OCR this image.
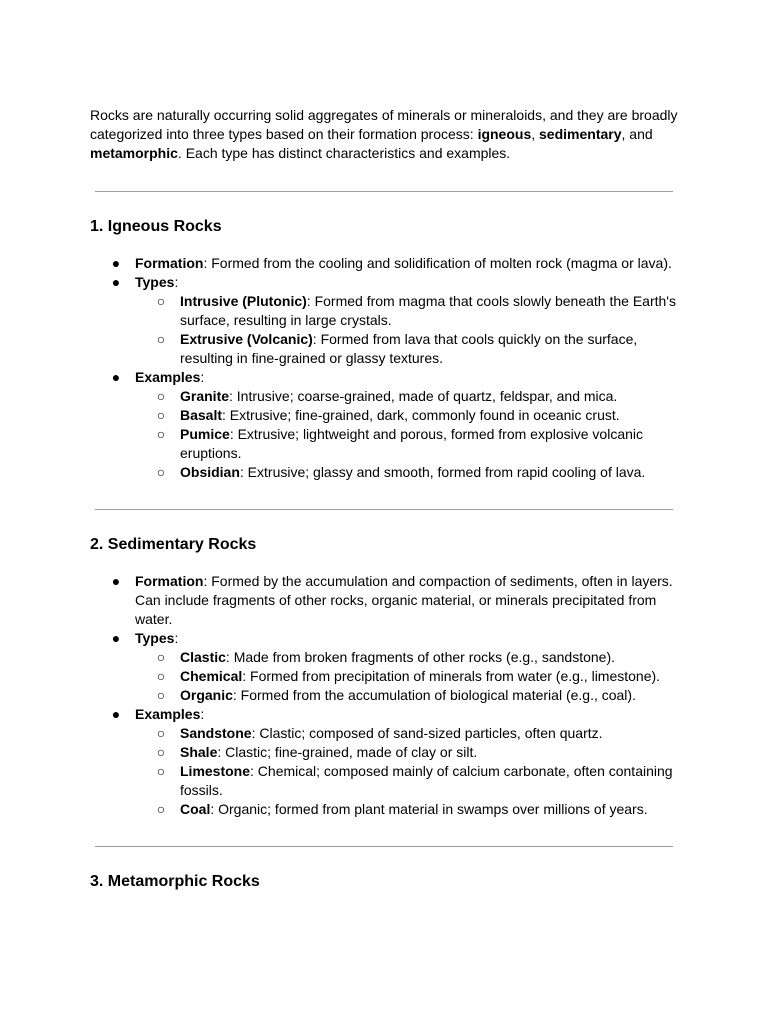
Rocks are naturally occurring solid aggregates of minerals or mineraloids, and they are broadly categorized into three types based on their formation process: igneous, sedimentary, and metamorphic. Each type has distinct characteristics and examples.

1. Igneous Rocks
● Formation: Formed from the cooling and solidification of molten rock (magma or lava).
● Types:
○ Intrusive (Plutonic): Formed from magma that cools slowly beneath the Earth's surface, resulting in large crystals.
○ Extrusive (Volcanic): Formed from lava that cools quickly on the surface, resulting in fine-grained or glassy textures.
● Examples:
○ Granite: Intrusive; coarse-grained, made of quartz, feldspar, and mica.
○ Basalt: Extrusive; fine-grained, dark, commonly found in oceanic crust.
○ Pumice: Extrusive; lightweight and porous, formed from explosive volcanic eruptions.
○ Obsidian: Extrusive; glassy and smooth, formed from rapid cooling of lava.
2. Sedimentary Rocks
● Formation: Formed by the accumulation and compaction of sediments, often in layers. Can include fragments of other rocks, organic material, or minerals precipitated from water.
● Types:
○ Clastic: Made from broken fragments of other rocks (e.g., sandstone).
○ Chemical: Formed from precipitation of minerals from water (e.g., limestone).
○ Organic: Formed from the accumulation of biological material (e.g., coal).
● Examples:
○ Sandstone: Clastic; composed of sand-sized particles, often quartz.
○ Shale: Clastic; fine-grained, made of clay or silt.
○ Limestone: Chemical; composed mainly of calcium carbonate, often containing fossils.
○ Coal: Organic; formed from plant material in swamps over millions of years.
3. Metamorphic Rocks
